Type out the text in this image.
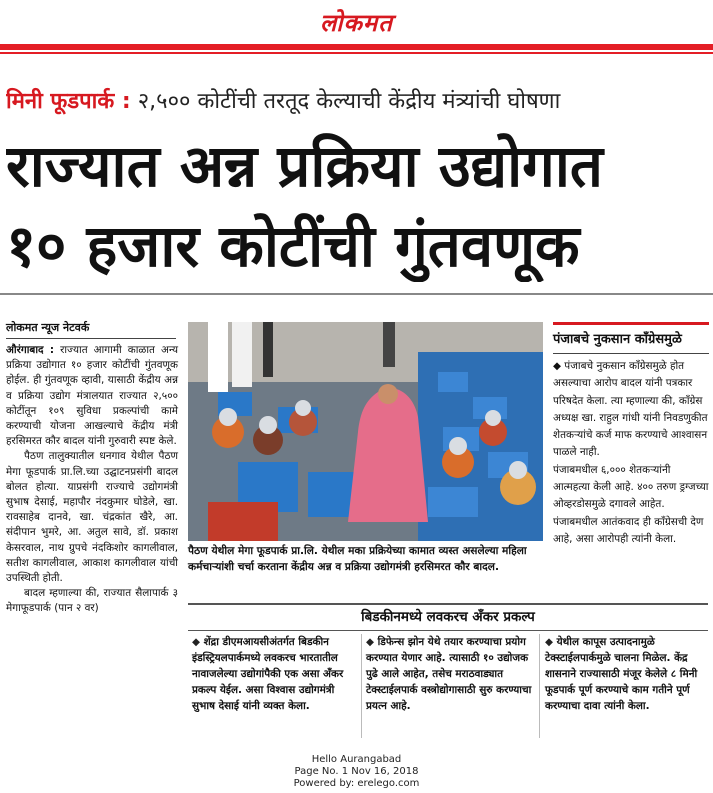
लोकमत
मिनी फूडपार्क : २,५०० कोटींची तरतूद केल्याची केंद्रीय मंत्र्यांची घोषणा
राज्यात अन्न प्रक्रिया उद्योगात
१० हजार कोटींची गुंतवणूक
लोकमत न्यूज नेटवर्क

औरंगाबाद : राज्यात आगामी काळात अन्य प्रक्रिया उद्योगात १० हजार कोटींची गुंतवणूक होईल. ही गुंतवणूक व्हावी, यासाठी केंद्रीय अन्न व प्रक्रिया उद्योग मंत्रालयात राज्यात २,५०० कोटींतून १०९ सुविधा प्रकल्पांची कामे करण्याची योजना आखल्याचे केंद्रीय मंत्री हरसिमरत कौर बादल यांनी गुरुवारी स्पष्ट केले.

पैठण तालुक्यातील धनगाव येथील पैठण मेगा फूडपार्क प्रा.लि.च्या उद्घाटनप्रसंगी बादल बोलत होत्या. याप्रसंगी राज्याचे उद्योगमंत्री सुभाष देसाई, महापौर नंदकुमार घोडेले, खा. रावसाहेब दानवे, खा. चंद्रकांत खैरे, आ. संदीपान भुमरे, आ. अतुल सावे, डॉ. प्रकाश केसरवाल, नाथ ग्रुपचे नंदकिशोर कागलीवाल, सतीश कागलीवाल, आकाश कागलीवाल यांची उपस्थिती होती.

बादल म्हणाल्या की, राज्यात सैलापार्क ३ मेगाफूडपार्क (पान २ वर)

पैठण येथील मेगा फूडपार्क प्रा.लि. येथील मका प्रक्रियेच्या कामात व्यस्त असलेल्या महिला कर्मचाऱ्यांशी चर्चा करताना केंद्रीय अन्न व प्रक्रिया उद्योगमंत्री हरसिमरत कौर बादल.
पंजाबचे नुकसान काँग्रेसमुळे
◆ पंजाबचे नुकसान काँग्रेसमुळे होत असल्याचा आरोप बादल यांनी पत्रकार परिषदेत केला. त्या म्हणाल्या की, काँग्रेस अध्यक्ष खा. राहुल गांधी यांनी निवडणुकीत शेतकऱ्यांचे कर्ज माफ करण्याचे आश्वासन पाळले नाही.
पंजाबमधील ६,००० शेतकऱ्यांनी आत्महत्या केली आहे. ४०० तरुण ड्रग्जच्या ओव्हरडोसमुळे दगावले आहेत. पंजाबमधील आतंकवाद ही काँग्रेसची देण आहे, असा आरोपही त्यांनी केला.
बिडकीनमध्ये लवकरच अँकर प्रकल्प
◆ शेंद्रा डीएमआयसीअंतर्गत बिडकीन इंडस्ट्रियलपार्कमध्ये लवकरच भारतातील नावाजलेल्या उद्योगांपैकी एक असा अँकर प्रकल्प येईल. असा विश्वास उद्योगमंत्री सुभाष देसाई यांनी व्यक्त केला.
◆ डिफेन्स झोन येथे तयार करण्याचा प्रयोग करण्यात येणार आहे. त्यासाठी १० उद्योजक पुढे आले आहेत, तसेच मराठवाड्यात टेक्स्टाईलपार्क वस्त्रोद्योगासाठी सुरु करण्याचा प्रयत्न आहे.
◆ येथील कापूस उत्पादनामुळे टेक्स्टाईलपार्कमुळे चालना मिळेल. केंद्र शासनाने राज्यासाठी मंजूर केलेले ८ मिनी फूडपार्क पूर्ण करण्याचे काम गतीने पूर्ण करण्याचा दावा त्यांनी केला.
Hello Aurangabad
Page No. 1 Nov 16, 2018
Powered by: erelego.com
